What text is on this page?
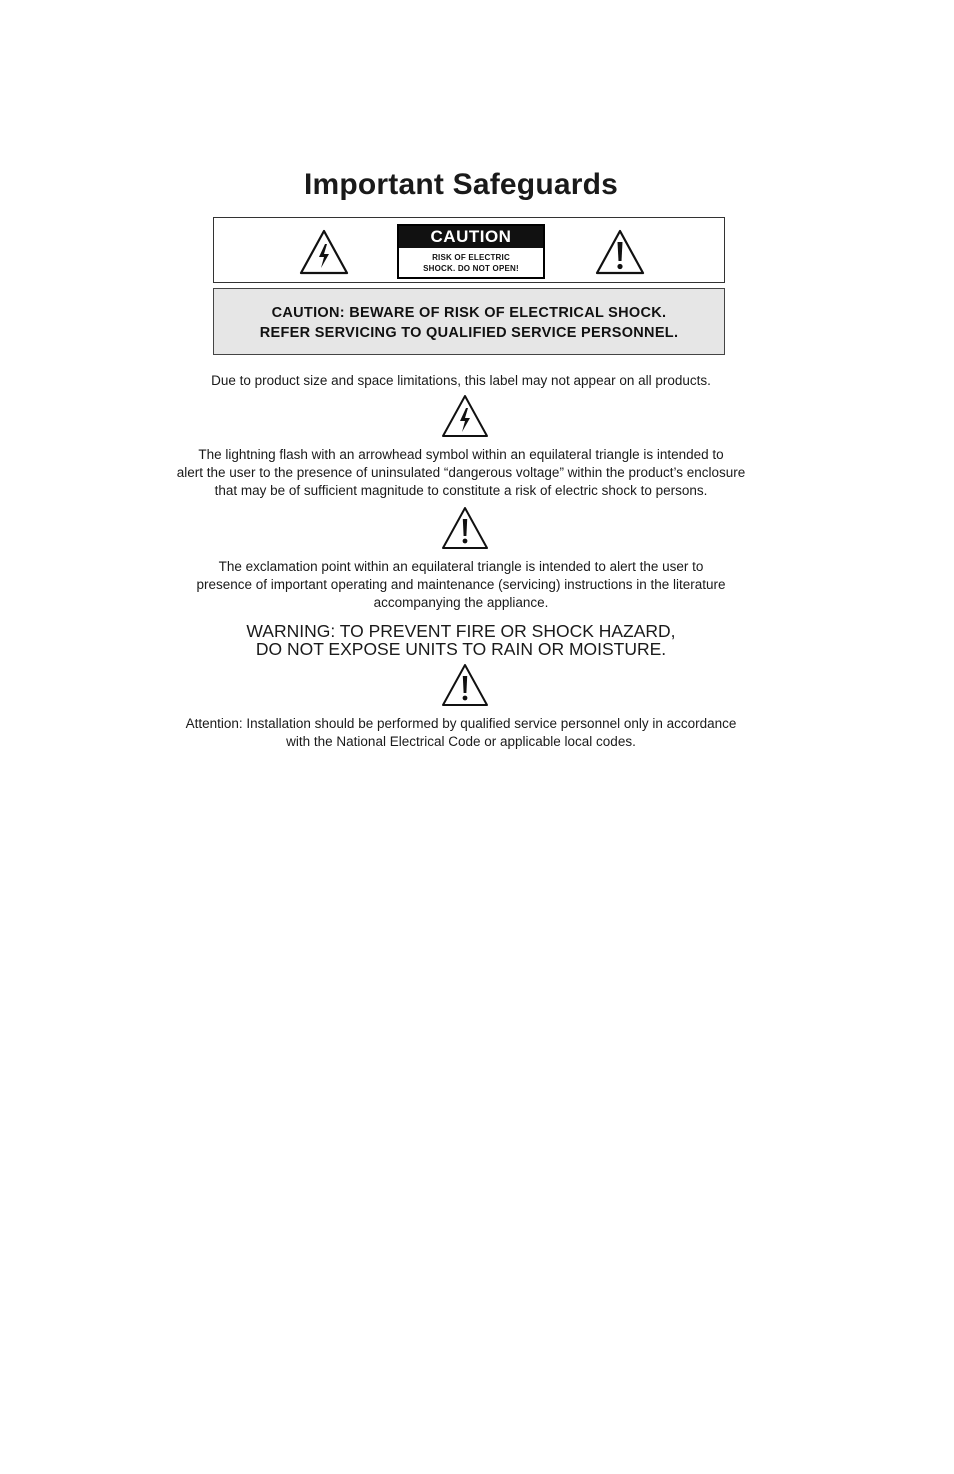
Important Safeguards
CAUTION
RISK OF ELECTRIC
SHOCK. DO NOT OPEN!
CAUTION: BEWARE OF RISK OF ELECTRICAL SHOCK.
REFER SERVICING TO QUALIFIED SERVICE PERSONNEL.
Due to product size and space limitations, this label may not appear on all products.
The lightning flash with an arrowhead symbol within an equilateral triangle is intended to
alert the user to the presence of uninsulated “dangerous voltage” within the product’s enclosure
that may be of sufficient magnitude to constitute a risk of electric shock to persons.
The exclamation point within an equilateral triangle is intended to alert the user to
presence of important operating and maintenance (servicing) instructions in the literature
accompanying the appliance.
WARNING: TO PREVENT FIRE OR SHOCK HAZARD,
DO NOT EXPOSE UNITS TO RAIN OR MOISTURE.
Attention: Installation should be performed by qualified service personnel only in accordance
with the National Electrical Code or applicable local codes.
